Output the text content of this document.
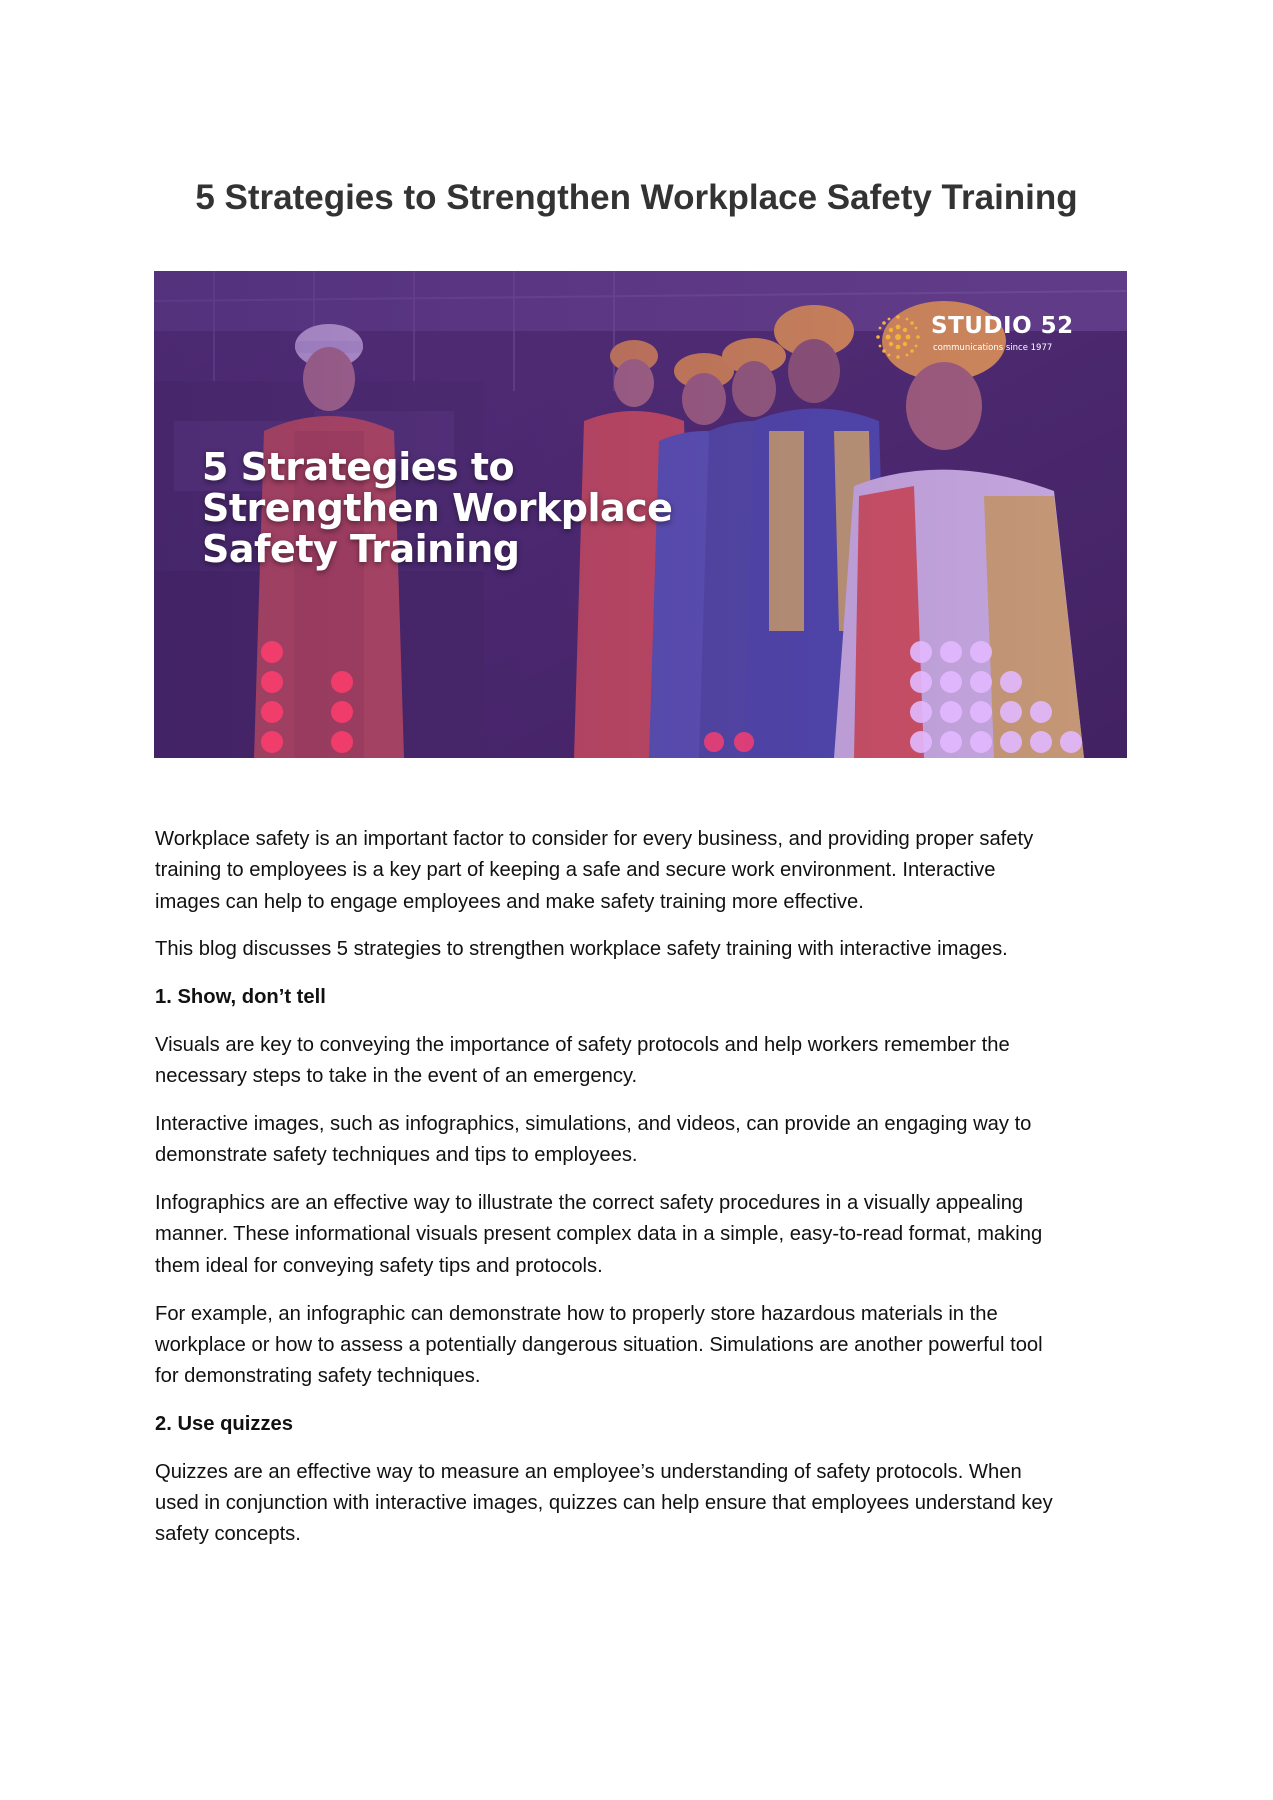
5 Strategies to Strengthen Workplace Safety Training
5 Strategies to
Strengthen Workplace
Safety Training
STUDIO 52
communications since 1977

Workplace safety is an important factor to consider for every business, and providing proper safety
training to employees is a key part of keeping a safe and secure work environment. Interactive
images can help to engage employees and make safety training more effective.

This blog discusses 5 strategies to strengthen workplace safety training with interactive images.

1. Show, don’t tell

Visuals are key to conveying the importance of safety protocols and help workers remember the
necessary steps to take in the event of an emergency.

Interactive images, such as infographics, simulations, and videos, can provide an engaging way to
demonstrate safety techniques and tips to employees.

Infographics are an effective way to illustrate the correct safety procedures in a visually appealing
manner. These informational visuals present complex data in a simple, easy-to-read format, making
them ideal for conveying safety tips and protocols.

For example, an infographic can demonstrate how to properly store hazardous materials in the
workplace or how to assess a potentially dangerous situation. Simulations are another powerful tool
for demonstrating safety techniques.

2. Use quizzes

Quizzes are an effective way to measure an employee’s understanding of safety protocols. When
used in conjunction with interactive images, quizzes can help ensure that employees understand key
safety concepts.
